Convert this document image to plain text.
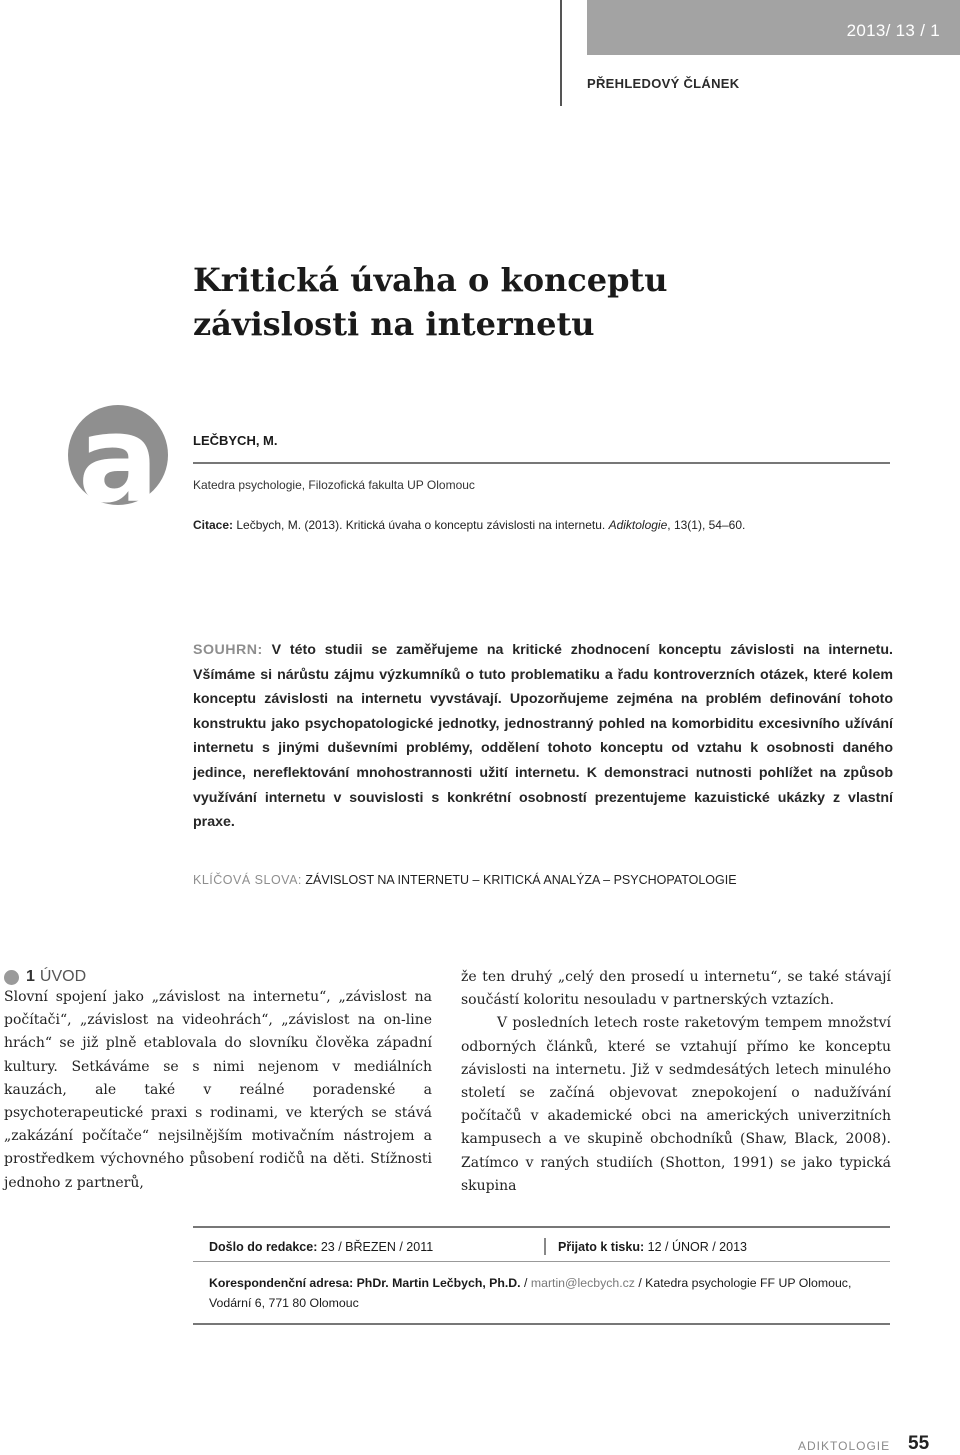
2013/ 13 / 1
PŘEHLEDOVÝ ČLÁNEK
Kritická úvaha o konceptu
závislosti na internetu
a	LEČBYCH, M.
Katedra psychologie, Filozofická fakulta UP Olomouc
Citace: Lečbych, M. (2013). Kritická úvaha o konceptu závislosti na internetu. Adiktologie, 13(1), 54–60.
SOUHRN: V této studii se zaměřujeme na kritické zhodnocení konceptu závislosti na internetu. Všímáme si nárůstu zájmu výzkumníků o tuto problematiku a řadu kontroverzních otázek, které kolem konceptu závislosti na internetu vyvstávají. Upozorňujeme zejména na problém definování tohoto konstruktu jako psychopatologické jednotky, jednostranný pohled na komorbiditu excesivního užívání internetu s jinými duševními problémy, oddělení tohoto konceptu od vztahu k osobnosti daného jedince, nereflektování mnohostrannosti užití internetu. K demonstraci nutnosti pohlížet na způsob využívání internetu v souvislosti s konkrétní osobností prezentujeme kazuistické ukázky z vlastní praxe.
KLÍČOVÁ SLOVA: ZÁVISLOST NA INTERNETU – KRITICKÁ ANALÝZA – PSYCHOPATOLOGIE
1 ÚVOD

Slovní spojení jako „závislost na internetu“, „závislost na počítači“, „závislost na videohrách“, „závislost na on-line hrách“ se již plně etablovala do slovníku člověka západní kultury. Setkáváme se s nimi nejenom v mediálních kauzách, ale také v reálné poradenské a psychoterapeutické praxi s rodinami, ve kterých se stává „zakázání počítače“ nejsilnějším motivačním nástrojem a prostředkem výchovného působení rodičů na děti. Stížnosti jednoho z partnerů,

že ten druhý „celý den prosedí u internetu“, se také stávají součástí koloritu nesouladu v partnerských vztazích.

V posledních letech roste raketovým tempem množství odborných článků, které se vztahují přímo ke konceptu závislosti na internetu. Již v sedmdesátých letech minulého století se začíná objevovat znepokojení o nadužívání počítačů v akademické obci na amerických univerzitních kampusech a ve skupině obchodníků (Shaw, Black, 2008). Zatímco v raných studiích (Shotton, 1991) se jako typická skupina

Došlo do redakce: 23 / BŘEZEN / 2011	Přijato k tisku: 12 / ÚNOR / 2013
Korespondenční adresa: PhDr. Martin Lečbych, Ph.D. / martin@lecbych.cz / Katedra psychologie FF UP Olomouc,
Vodární 6, 771 80 Olomouc
ADIKTOLOGIE 55
